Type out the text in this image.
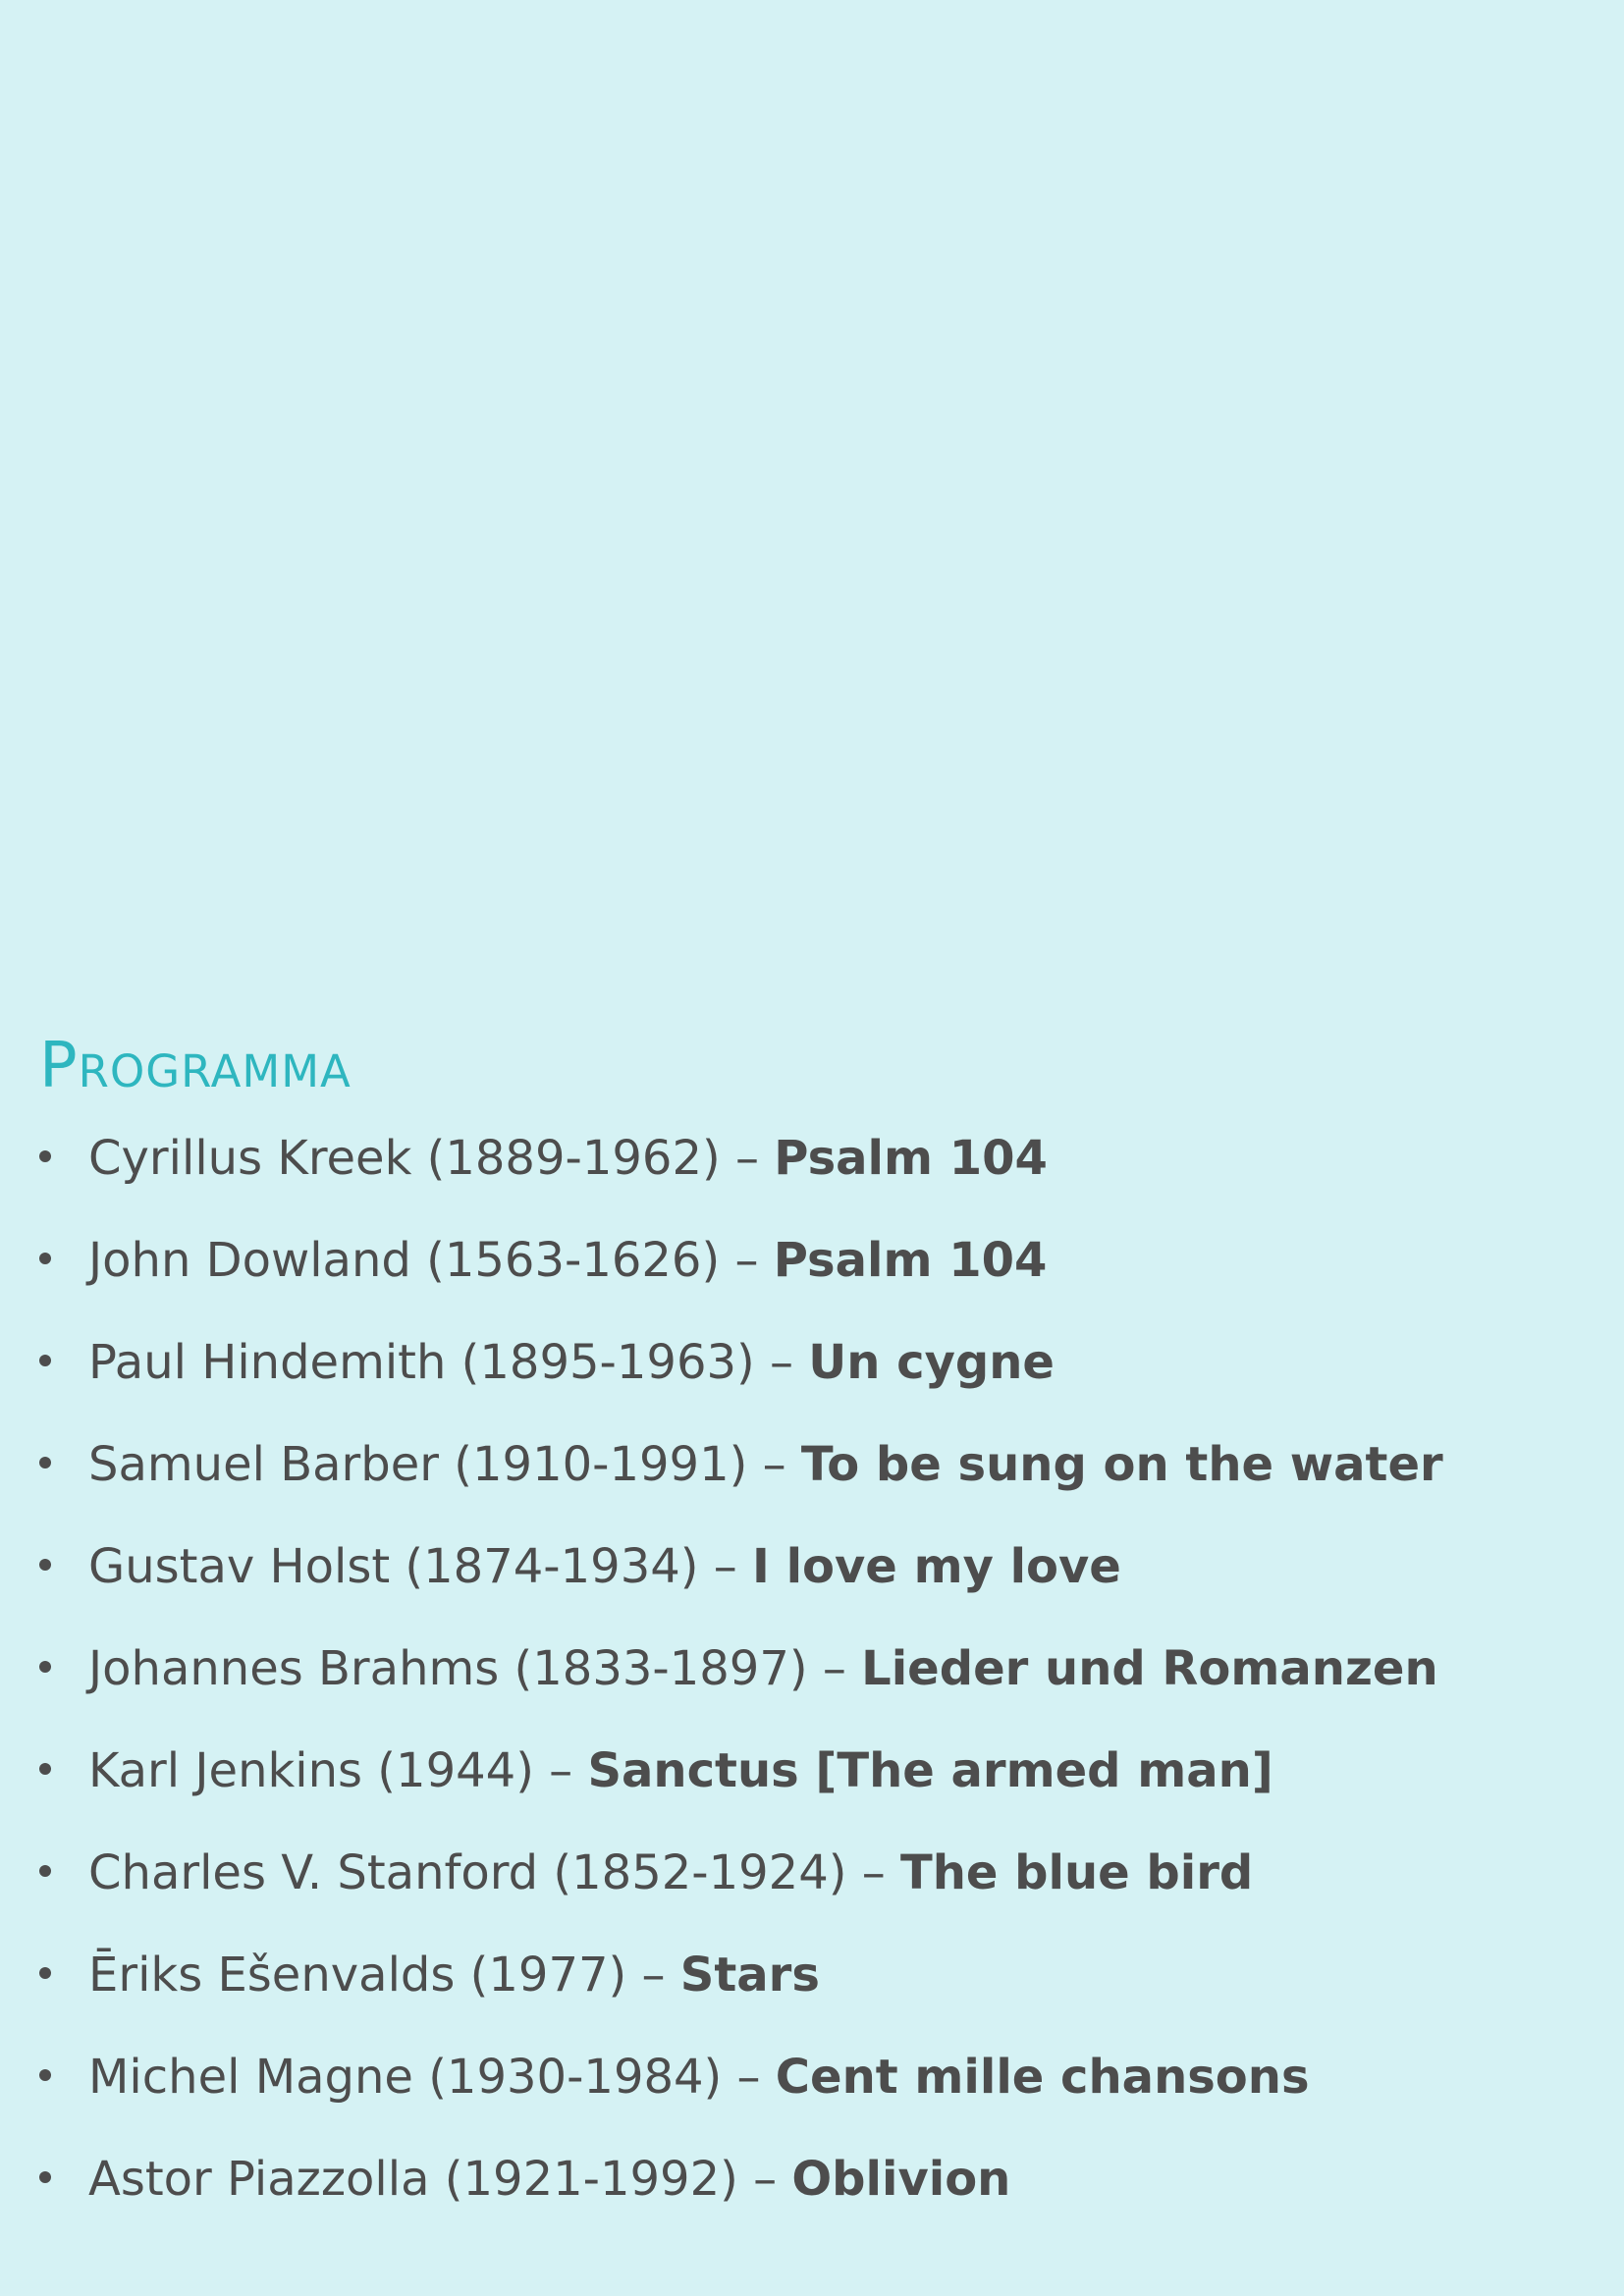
Programma
Cyrillus Kreek (1889-1962) – Psalm 104
John Dowland (1563-1626) – Psalm 104
Paul Hindemith (1895-1963) – Un cygne
Samuel Barber (1910-1991) – To be sung on the water
Gustav Holst (1874-1934) – I love my love
Johannes Brahms (1833-1897) – Lieder und Romanzen
Karl Jenkins (1944) – Sanctus [The armed man]
Charles V. Stanford (1852-1924) – The blue bird
Ēriks Ešenvalds (1977) – Stars
Michel Magne (1930-1984) – Cent mille chansons
Astor Piazzolla (1921-1992) – Oblivion
